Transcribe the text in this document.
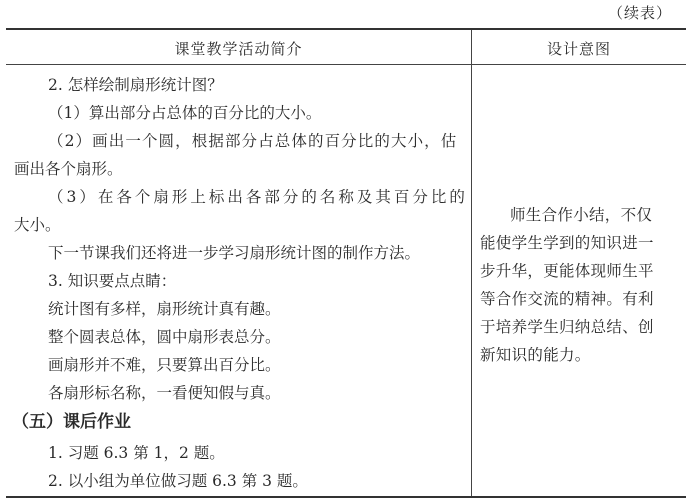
（续表）
课堂教学活动简介	设计意图
2. 怎样绘制扇形统计图？
（1）算出部分占总体的百分比的大小。
（2）画出一个圆，根据部分占总体的百分比的大小，估
画出各个扇形。
（3）在各个扇形上标出各部分的名称及其百分比的
大小。
下一节课我们还将进一步学习扇形统计图的制作方法。
3. 知识要点点睛：
统计图有多样，扇形统计真有趣。
整个圆表总体，圆中扇形表总分。
画扇形并不难，只要算出百分比。
各扇形标名称，一看便知假与真。
（五）课后作业
1. 习题 6.3 第 1，2 题。
2. 以小组为单位做习题 6.3 第 3 题。
师生合作小结，不仅
能使学生学到的知识进一
步升华，更能体现师生平
等合作交流的精神。有利
于培养学生归纳总结、创
新知识的能力。
